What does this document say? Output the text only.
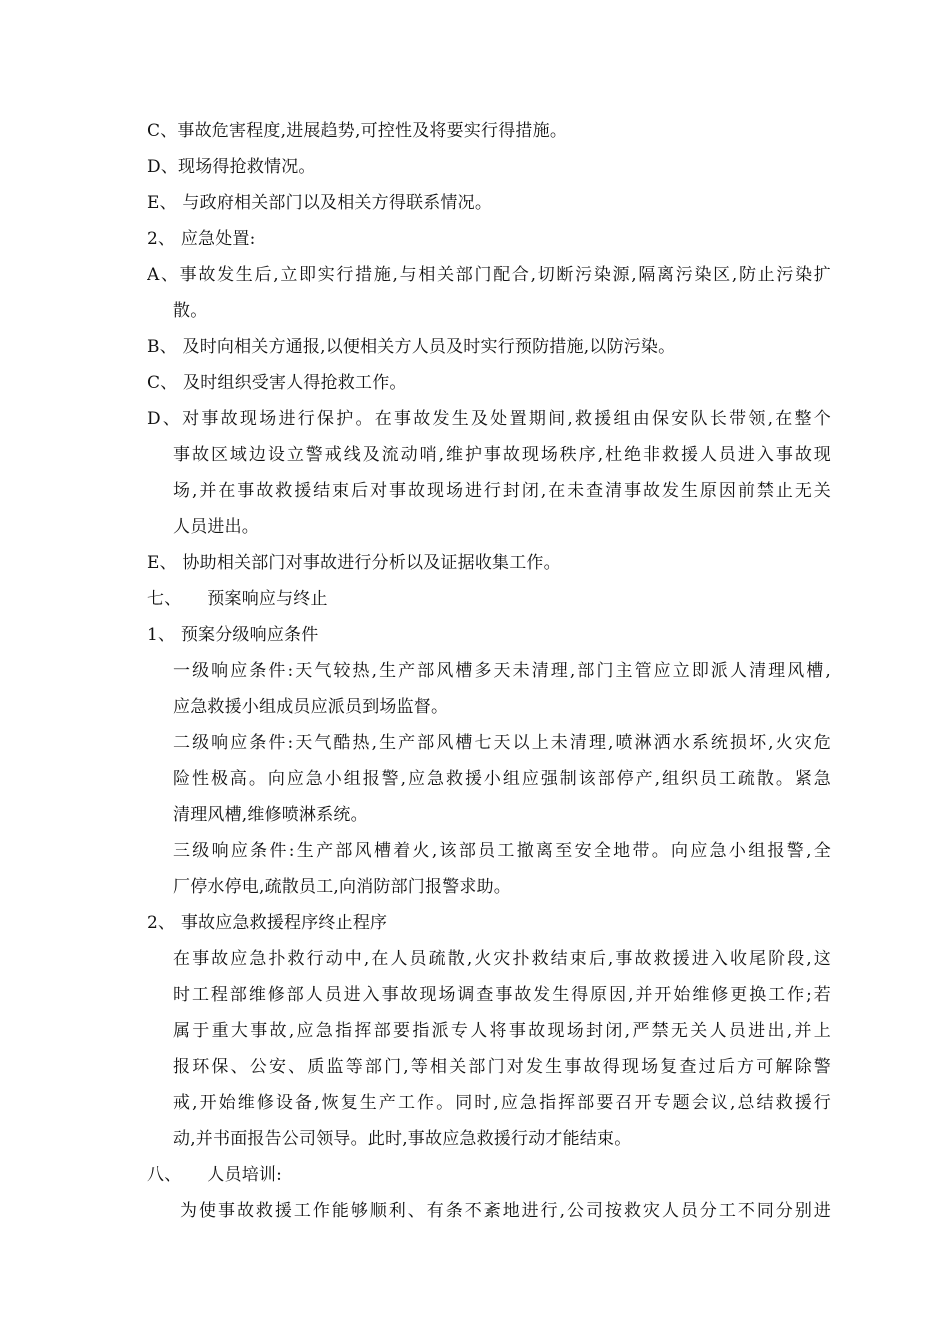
C、事故危害程度,进展趋势,可控性及将要实行得措施。
D、现场得抢救情况。
E、 与政府相关部门以及相关方得联系情况。
2、 应急处置:
A、事故发生后,立即实行措施,与相关部门配合,切断污染源,隔离污染区,防止污染扩
散。
B、 及时向相关方通报,以便相关方人员及时实行预防措施,以防污染。
C、 及时组织受害人得抢救工作。
D、对事故现场进行保护。在事故发生及处置期间,救援组由保安队长带领,在整个
事故区域边设立警戒线及流动哨,维护事故现场秩序,杜绝非救援人员进入事故现
场,并在事故救援结束后对事故现场进行封闭,在未查清事故发生原因前禁止无关
人员进出。
E、 协助相关部门对事故进行分析以及证据收集工作。
七、　　预案响应与终止
1、 预案分级响应条件
一级响应条件:天气较热,生产部风槽多天未清理,部门主管应立即派人清理风槽,
应急救援小组成员应派员到场监督。
二级响应条件:天气酷热,生产部风槽七天以上未清理,喷淋洒水系统损坏,火灾危
险性极高。向应急小组报警,应急救援小组应强制该部停产,组织员工疏散。紧急
清理风槽,维修喷淋系统。
三级响应条件:生产部风槽着火,该部员工撤离至安全地带。向应急小组报警,全
厂停水停电,疏散员工,向消防部门报警求助。
2、 事故应急救援程序终止程序
在事故应急扑救行动中,在人员疏散,火灾扑救结束后,事故救援进入收尾阶段,这
时工程部维修部人员进入事故现场调查事故发生得原因,并开始维修更换工作;若
属于重大事故,应急指挥部要指派专人将事故现场封闭,严禁无关人员进出,并上
报环保、公安、质监等部门,等相关部门对发生事故得现场复查过后方可解除警
戒,开始维修设备,恢复生产工作。同时,应急指挥部要召开专题会议,总结救援行
动,并书面报告公司领导。此时,事故应急救援行动才能结束。
八、　　人员培训:
为使事故救援工作能够顺利、有条不紊地进行,公司按救灾人员分工不同分别进
